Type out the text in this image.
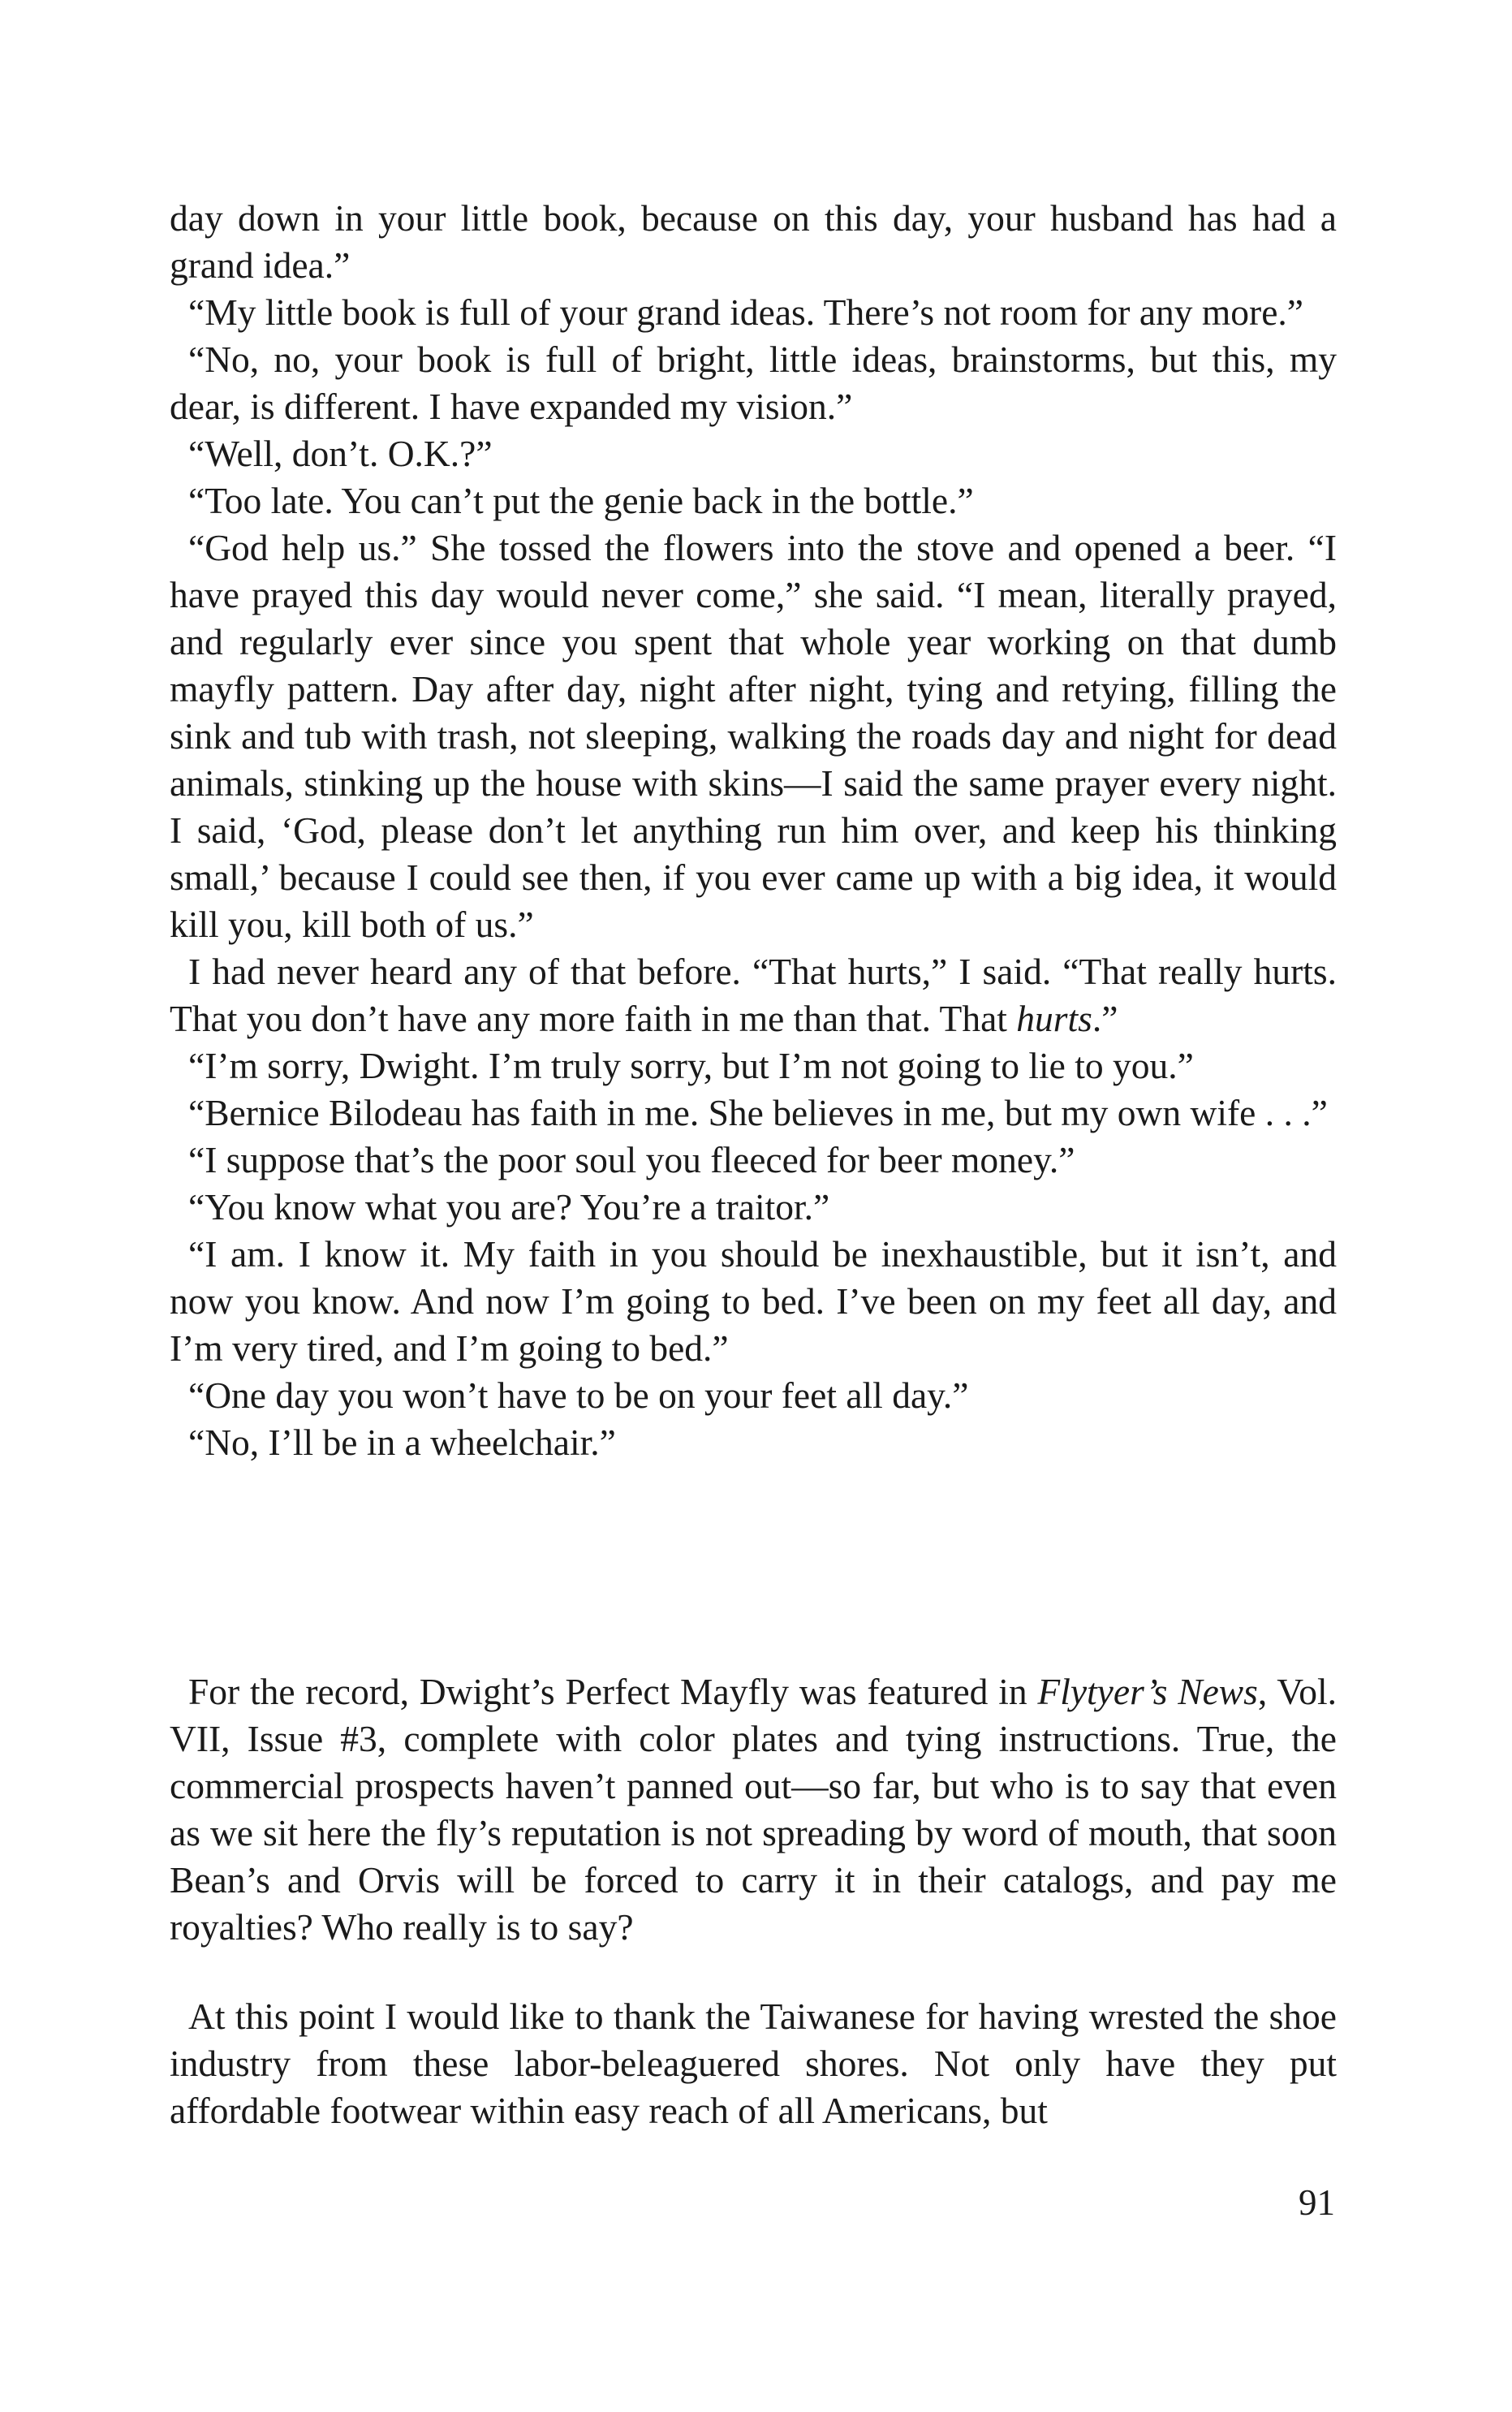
day down in your little book, because on this day, your husband has had a grand idea.”

“My little book is full of your grand ideas. There’s not room for any more.”

“No, no, your book is full of bright, little ideas, brainstorms, but this, my dear, is different. I have expanded my vision.”

“Well, don’t. O.K.?”

“Too late. You can’t put the genie back in the bottle.”

“God help us.” She tossed the flowers into the stove and opened a beer. “I have prayed this day would never come,” she said. “I mean, literally prayed, and regularly ever since you spent that whole year working on that dumb mayfly pattern. Day after day, night after night, tying and retying, filling the sink and tub with trash, not sleeping, walking the roads day and night for dead animals, stinking up the house with skins—I said the same prayer every night. I said, ‘God, please don’t let anything run him over, and keep his thinking small,’ because I could see then, if you ever came up with a big idea, it would kill you, kill both of us.”

I had never heard any of that before. “That hurts,” I said. “That really hurts. That you don’t have any more faith in me than that. That hurts.”

“I’m sorry, Dwight. I’m truly sorry, but I’m not going to lie to you.”

“Bernice Bilodeau has faith in me. She believes in me, but my own wife . . .”

“I suppose that’s the poor soul you fleeced for beer money.”

“You know what you are? You’re a traitor.”

“I am. I know it. My faith in you should be inexhaustible, but it isn’t, and now you know. And now I’m going to bed. I’ve been on my feet all day, and I’m very tired, and I’m going to bed.”

“One day you won’t have to be on your feet all day.”

“No, I’ll be in a wheelchair.”

For the record, Dwight’s Perfect Mayfly was featured in Flytyer’s News, Vol. VII, Issue #3, complete with color plates and tying instructions. True, the commercial prospects haven’t panned out—so far, but who is to say that even as we sit here the fly’s reputation is not spreading by word of mouth, that soon Bean’s and Orvis will be forced to carry it in their catalogs, and pay me royalties? Who really is to say?

At this point I would like to thank the Taiwanese for having wrested the shoe industry from these labor-beleaguered shores. Not only have they put affordable footwear within easy reach of all Americans, but

91
